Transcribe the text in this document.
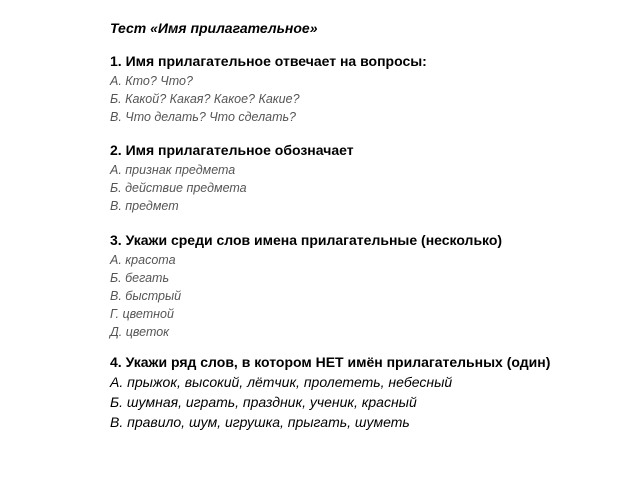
Тест «Имя прилагательное»
1. Имя прилагательное отвечает на вопросы:
А. Кто? Что?
Б. Какой? Какая? Какое? Какие?
В. Что делать? Что сделать?
2. Имя прилагательное обозначает
А. признак предмета
Б. действие предмета
В. предмет
3. Укажи среди слов имена прилагательные (несколько)
А. красота
Б. бегать
В. быстрый
Г. цветной
Д. цветок
4. Укажи ряд слов, в котором НЕТ имён прилагательных (один)
А. прыжок, высокий, лётчик, пролететь, небесный
Б. шумная, играть, праздник, ученик, красный
В. правило, шум, игрушка, прыгать, шуметь
